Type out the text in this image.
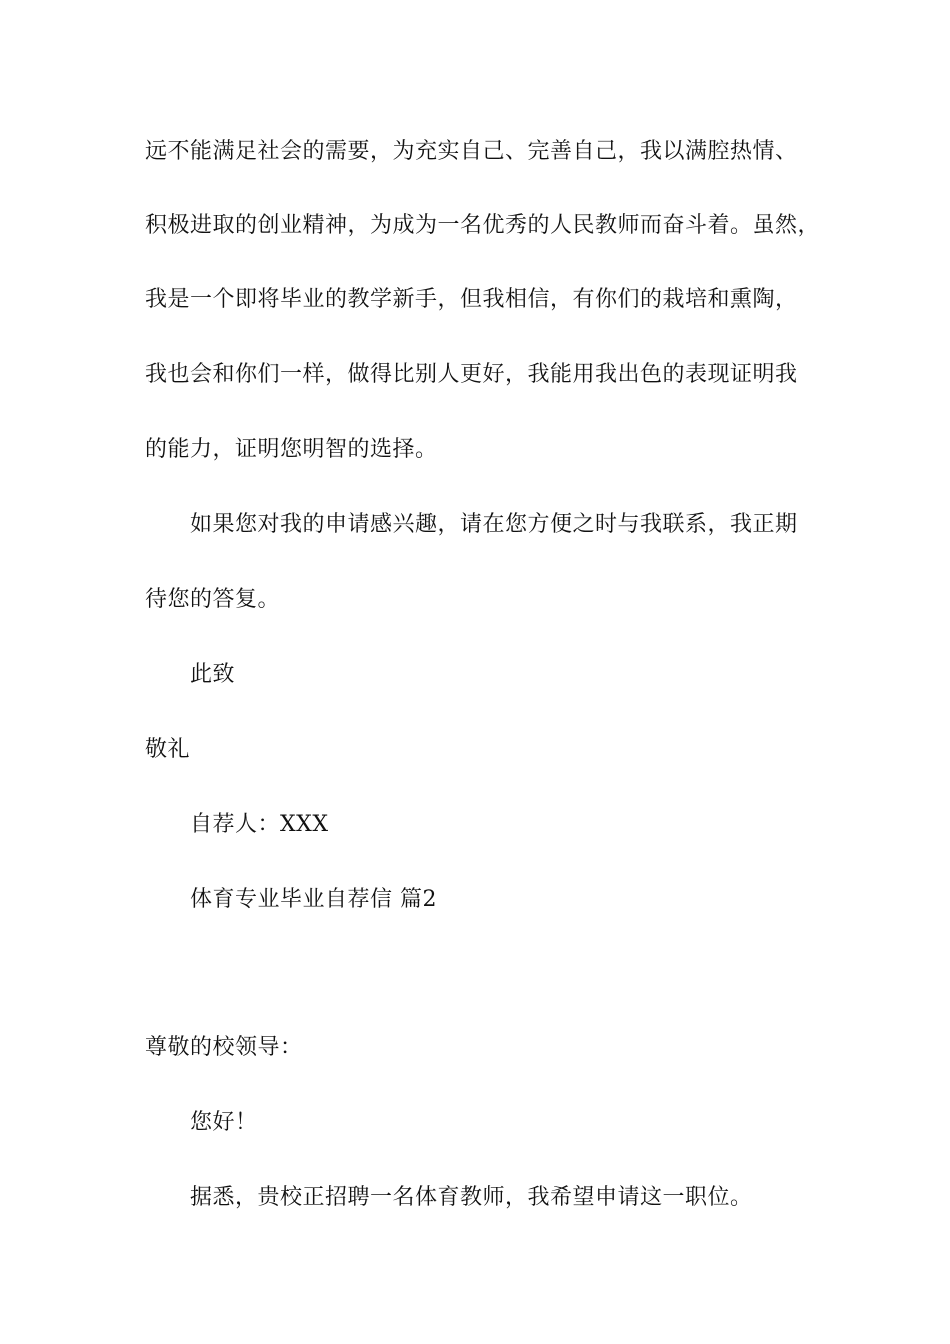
远不能满足社会的需要，为充实自己、完善自己，我以满腔热情、
积极进取的创业精神，为成为一名优秀的人民教师而奋斗着。虽然，
我是一个即将毕业的教学新手，但我相信，有你们的栽培和熏陶，
我也会和你们一样，做得比别人更好，我能用我出色的表现证明我
的能力，证明您明智的选择。
如果您对我的申请感兴趣，请在您方便之时与我联系，我正期
待您的答复。
此致
敬礼
自荐人：XXX
体育专业毕业自荐信 篇2
尊敬的校领导：
您好！
据悉，贵校正招聘一名体育教师，我希望申请这一职位。
